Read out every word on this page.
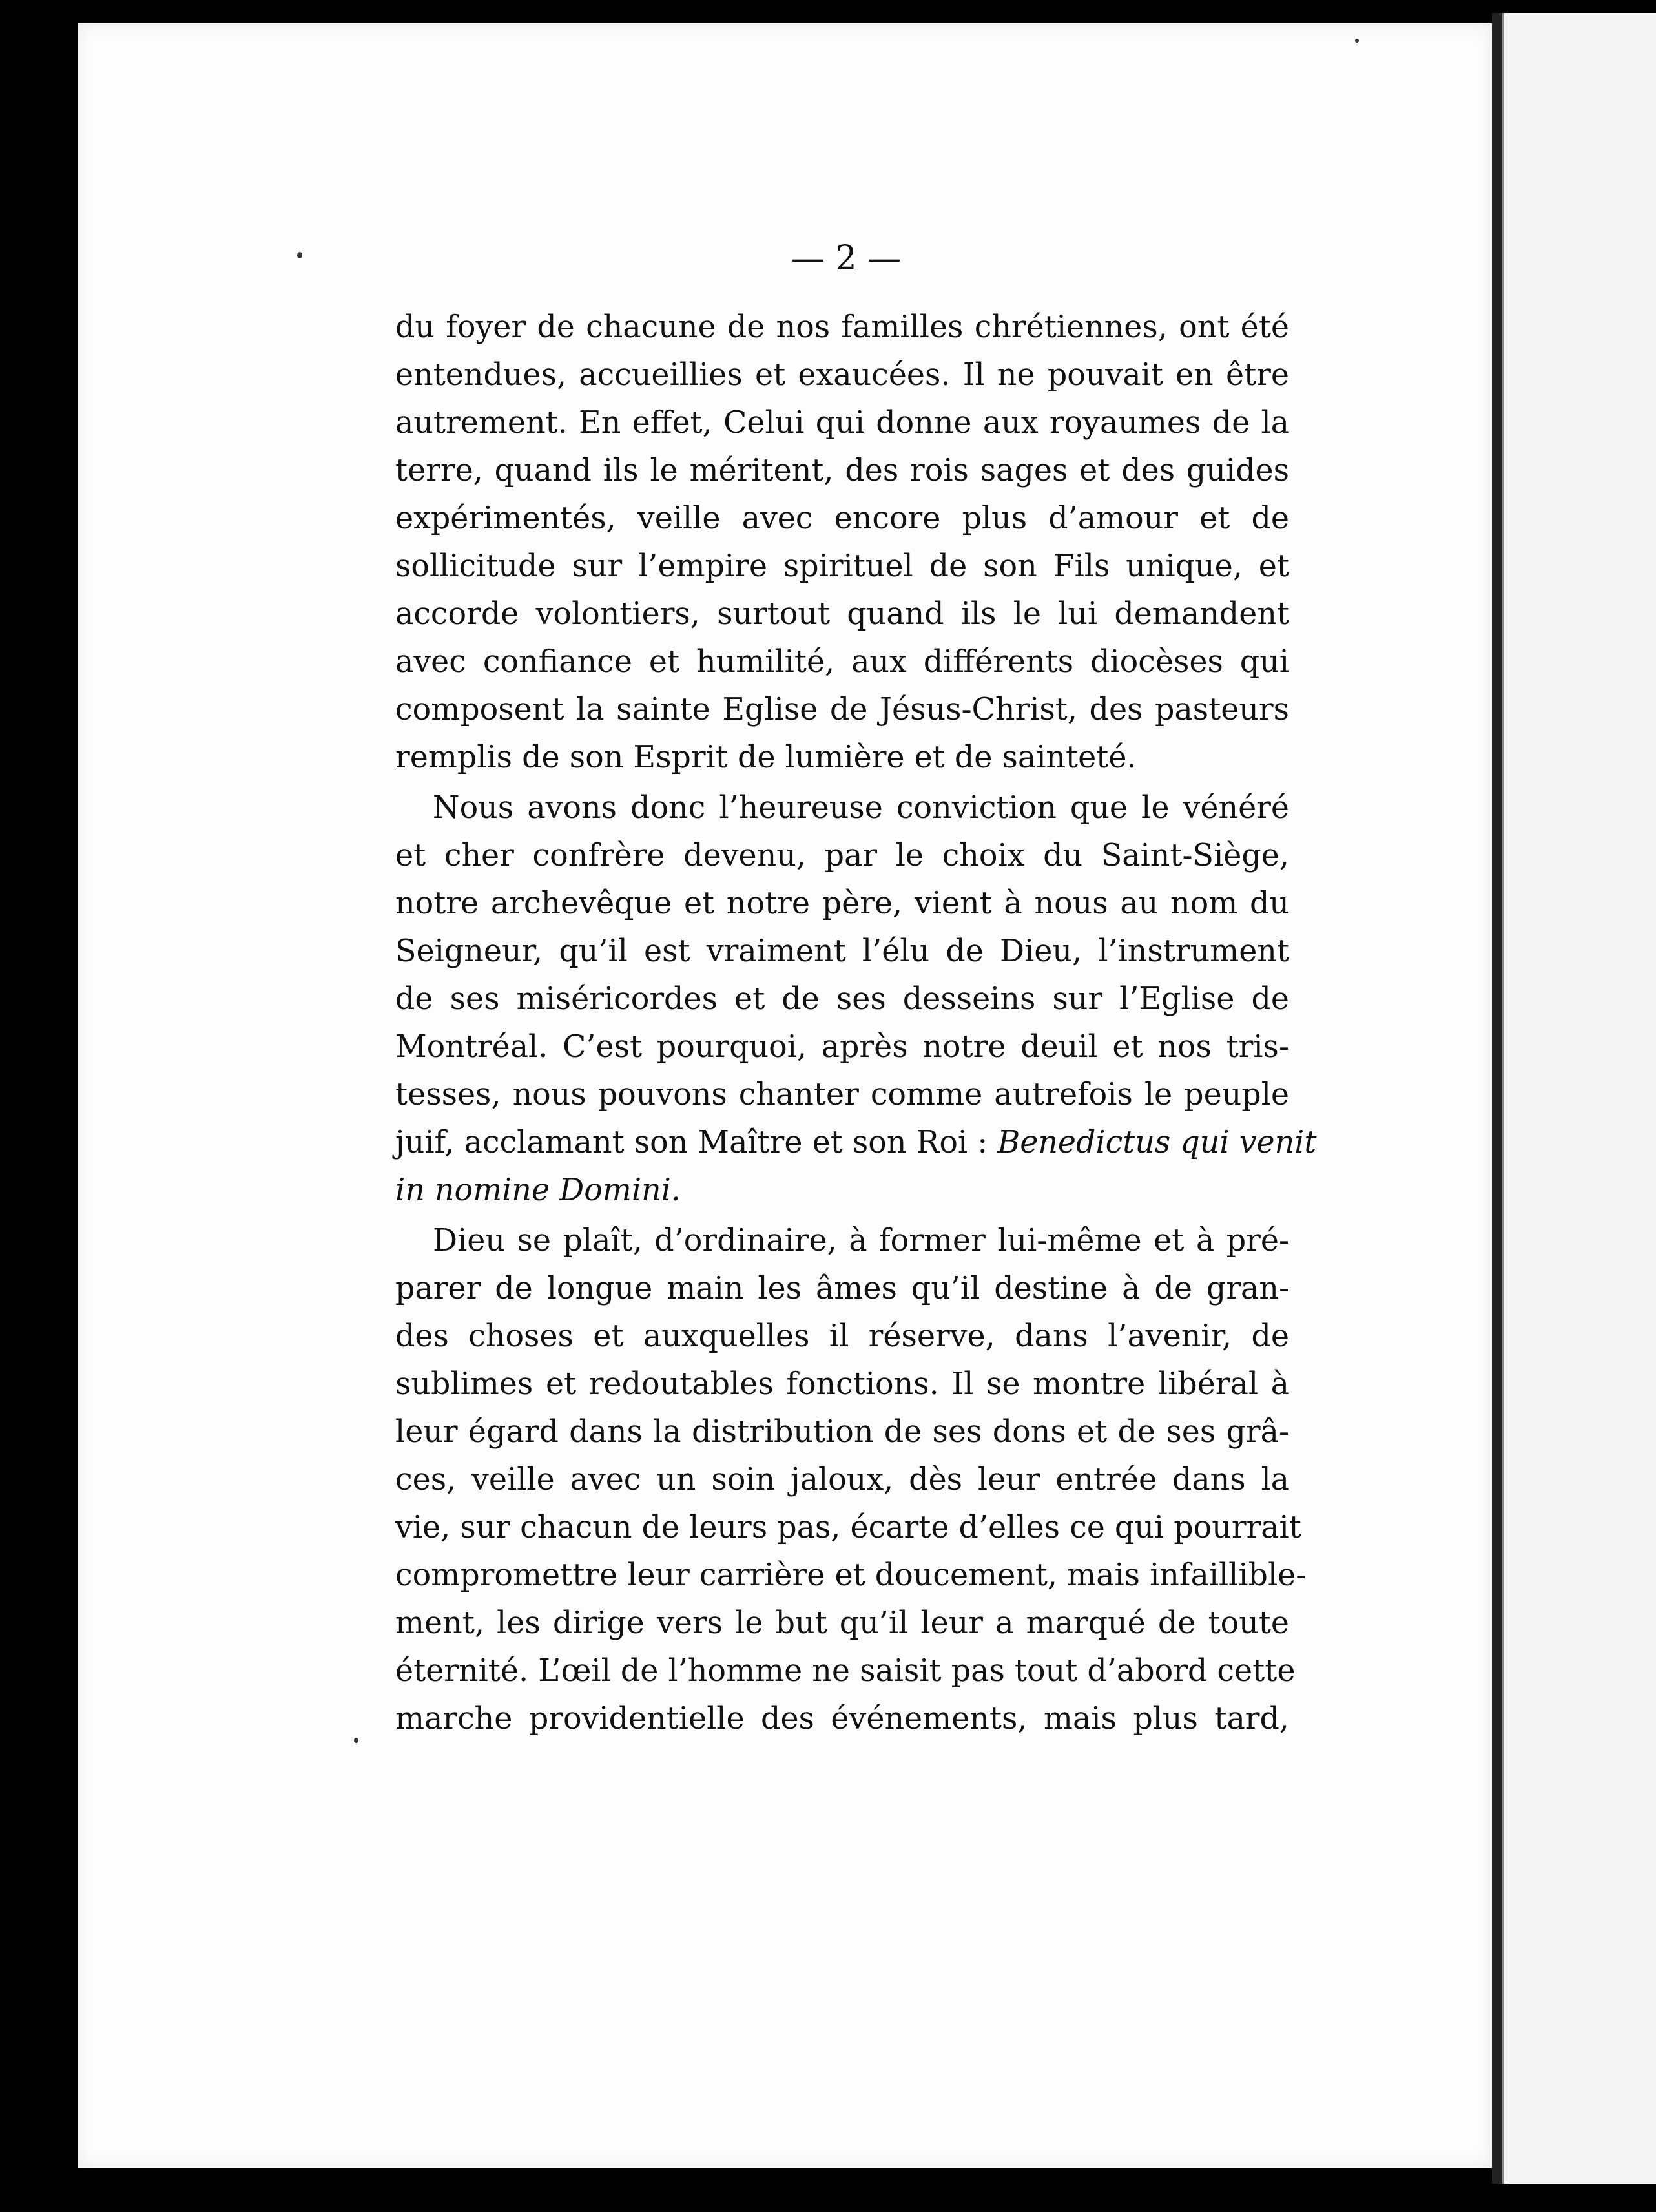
— 2 —
du foyer de chacune de nos familles chrétiennes, ont été
entendues, accueillies et exaucées. Il ne pouvait en être
autrement. En effet, Celui qui donne aux royaumes de la
terre, quand ils le méritent, des rois sages et des guides
expérimentés, veille avec encore plus d’amour et de
sollicitude sur l’empire spirituel de son Fils unique, et
accorde volontiers, surtout quand ils le lui demandent
avec confiance et humilité, aux différents diocèses qui
composent la sainte Eglise de Jésus-Christ, des pasteurs
remplis de son Esprit de lumière et de sainteté.
Nous avons donc l’heureuse conviction que le vénéré
et cher confrère devenu, par le choix du Saint-Siège,
notre archevêque et notre père, vient à nous au nom du
Seigneur, qu’il est vraiment l’élu de Dieu, l’instrument
de ses miséricordes et de ses desseins sur l’Eglise de
Montréal. C’est pourquoi, après notre deuil et nos tris-
tesses, nous pouvons chanter comme autrefois le peuple
juif, acclamant son Maître et son Roi : Benedictus qui venit
in nomine Domini.
Dieu se plaît, d’ordinaire, à former lui-même et à pré-
parer de longue main les âmes qu’il destine à de gran-
des choses et auxquelles il réserve, dans l’avenir, de
sublimes et redoutables fonctions. Il se montre libéral à
leur égard dans la distribution de ses dons et de ses grâ-
ces, veille avec un soin jaloux, dès leur entrée dans la
vie, sur chacun de leurs pas, écarte d’elles ce qui pourrait
compromettre leur carrière et doucement, mais infaillible-
ment, les dirige vers le but qu’il leur a marqué de toute
éternité. L’œil de l’homme ne saisit pas tout d’abord cette
marche providentielle des événements, mais plus tard,
